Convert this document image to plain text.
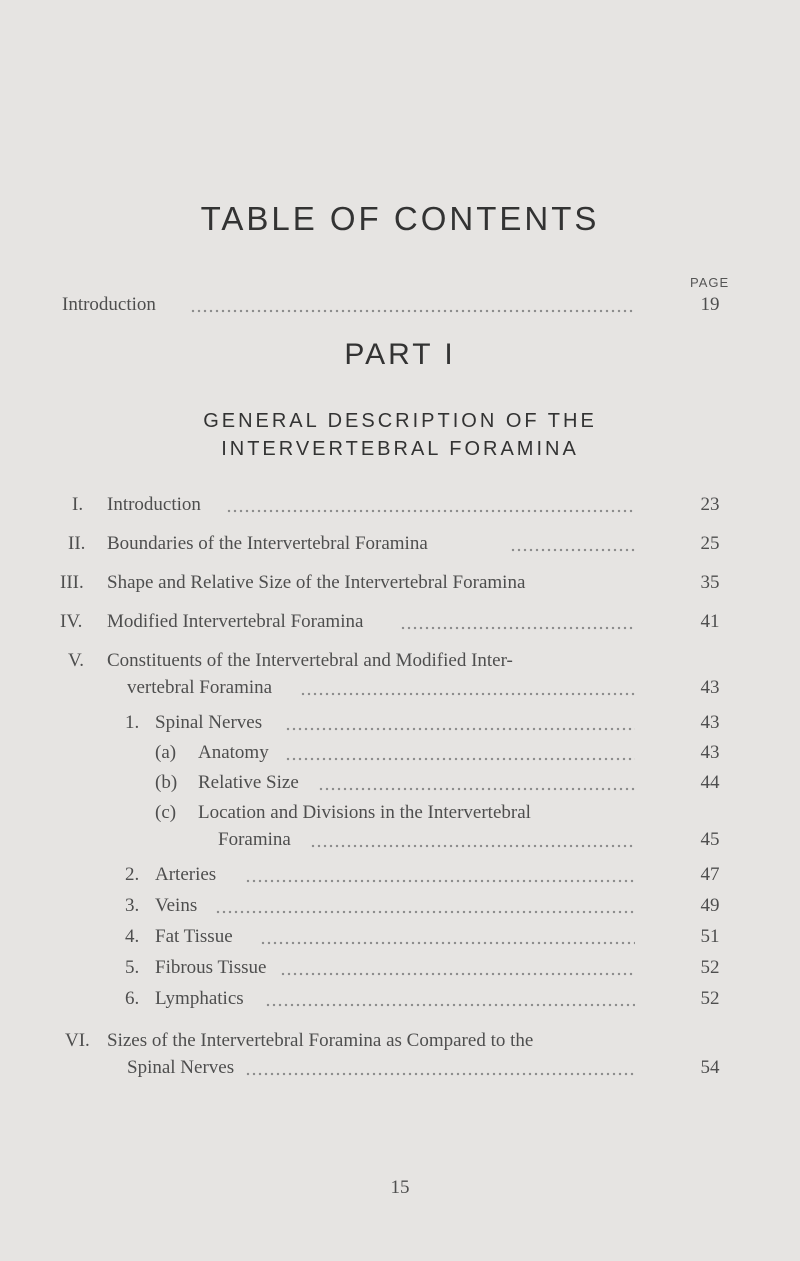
TABLE OF CONTENTS
PAGE
Introduction	19
PART I
GENERAL DESCRIPTION OF THE
INTERVERTEBRAL FORAMINA
I. Introduction	23
II. Boundaries of the Intervertebral Foramina	25
III. Shape and Relative Size of the Intervertebral Foramina	35
IV. Modified Intervertebral Foramina	41
V. Constituents of the Intervertebral and Modified Inter-
vertebral Foramina	43
1. Spinal Nerves	43
(a) Anatomy	43
(b) Relative Size	44
(c) Location and Divisions in the Intervertebral
Foramina	45
2. Arteries	47
3. Veins	49
4. Fat Tissue	51
5. Fibrous Tissue	52
6. Lymphatics	52
VI. Sizes of the Intervertebral Foramina as Compared to the
Spinal Nerves	54
15
